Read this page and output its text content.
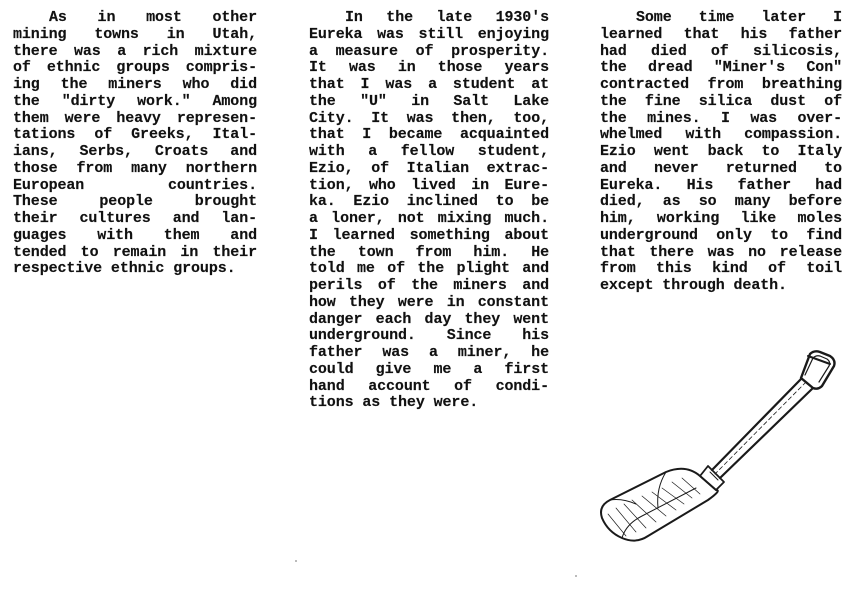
As in most other
mining towns in Utah,
there was a rich mixture
of ethnic groups compris-
ing the miners who did
the "dirty work." Among
them were heavy represen-
tations of Greeks, Ital-
ians, Serbs, Croats and
those from many northern
European countries.
These people brought
their cultures and lan-
guages with them and
tended to remain in their
respective ethnic groups.
In the late 1930's
Eureka was still enjoying
a measure of prosperity.
It was in those years
that I was a student at
the "U" in Salt Lake
City. It was then, too,
that I became acquainted
with a fellow student,
Ezio, of Italian extrac-
tion, who lived in Eure-
ka. Ezio inclined to be
a loner, not mixing much.
I learned something about
the town from him. He
told me of the plight and
perils of the miners and
how they were in constant
danger each day they went
underground. Since his
father was a miner, he
could give me a first
hand account of condi-
tions as they were.
Some time later I
learned that his father
had died of silicosis,
the dread "Miner's Con"
contracted from breathing
the fine silica dust of
the mines. I was over-
whelmed with compassion.
Ezio went back to Italy
and never returned to
Eureka. His father had
died, as so many before
him, working like moles
underground only to find
that there was no release
from this kind of toil
except through death.
